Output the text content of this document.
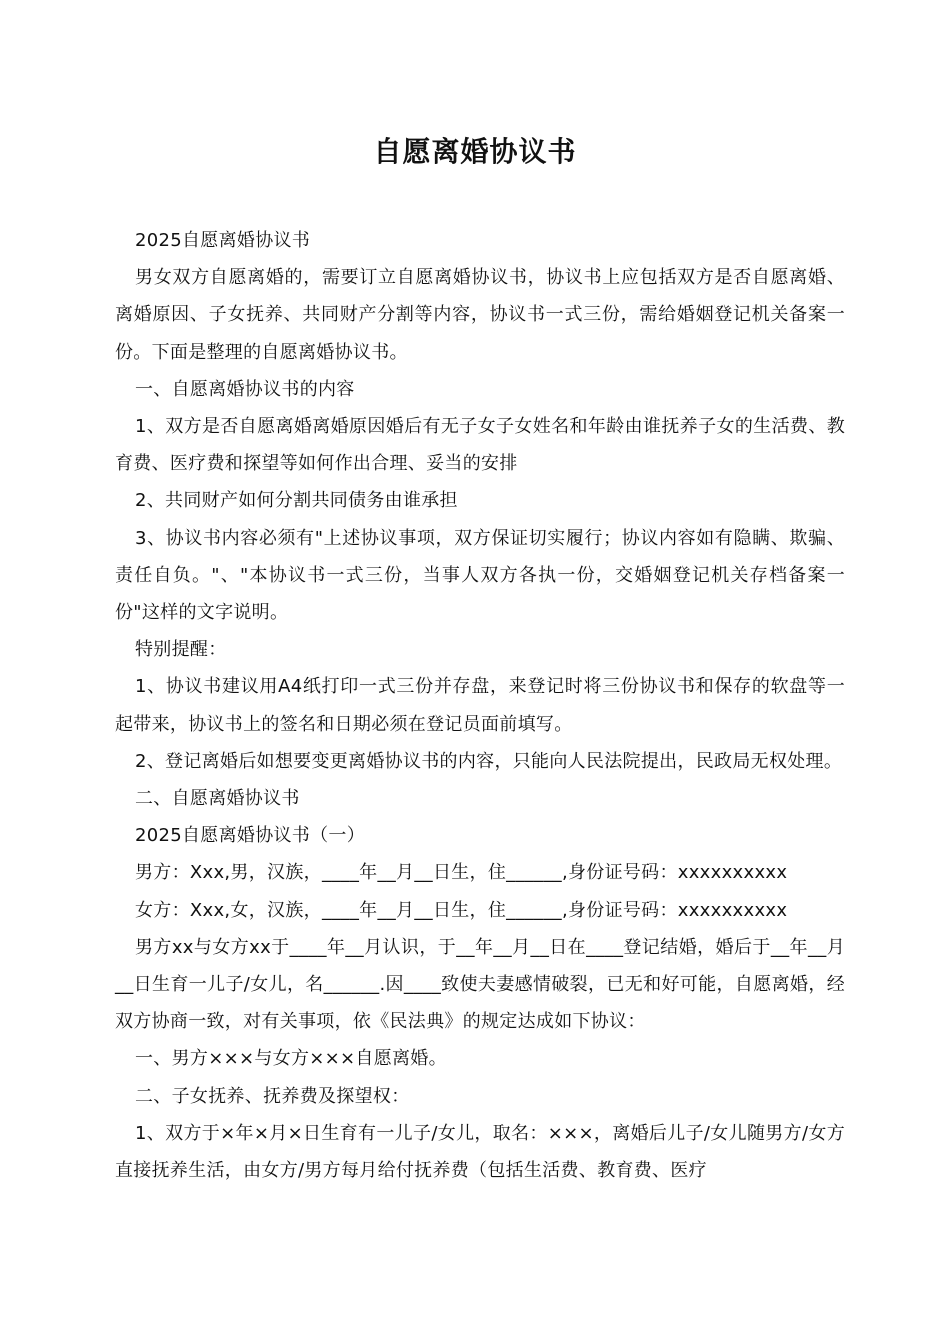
自愿离婚协议书

2025自愿离婚协议书

男女双方自愿离婚的，需要订立自愿离婚协议书，协议书上应包括双方是否自愿离婚、离婚原因、子女抚养、共同财产分割等内容，协议书一式三份，需给婚姻登记机关备案一份。下面是整理的自愿离婚协议书。

一、自愿离婚协议书的内容

1、双方是否自愿离婚离婚原因婚后有无子女子女姓名和年龄由谁抚养子女的生活费、教育费、医疗费和探望等如何作出合理、妥当的安排

2、共同财产如何分割共同债务由谁承担

3、协议书内容必须有"上述协议事项，双方保证切实履行；协议内容如有隐瞒、欺骗、责任自负。"、"本协议书一式三份，当事人双方各执一份，交婚姻登记机关存档备案一份"这样的文字说明。

特别提醒：

1、协议书建议用A4纸打印一式三份并存盘，来登记时将三份协议书和保存的软盘等一起带来，协议书上的签名和日期必须在登记员面前填写。

2、登记离婚后如想要变更离婚协议书的内容，只能向人民法院提出，民政局无权处理。

二、自愿离婚协议书

2025自愿离婚协议书（一）

男方：Xxx,男，汉族，____年__月__日生，住______,身份证号码：xxxxxxxxxx

女方：Xxx,女，汉族，____年__月__日生，住______,身份证号码：xxxxxxxxxx

男方xx与女方xx于____年__月认识，于__年__月__日在____登记结婚，婚后于__年__月__日生育一儿子/女儿，名______.因____致使夫妻感情破裂，已无和好可能，自愿离婚，经双方协商一致，对有关事项，依《民法典》的规定达成如下协议：

一、男方×××与女方×××自愿离婚。

二、子女抚养、抚养费及探望权：

1、双方于×年×月×日生育有一儿子/女儿，取名：×××，离婚后儿子/女儿随男方/女方直接抚养生活，由女方/男方每月给付抚养费（包括生活费、教育费、医疗
